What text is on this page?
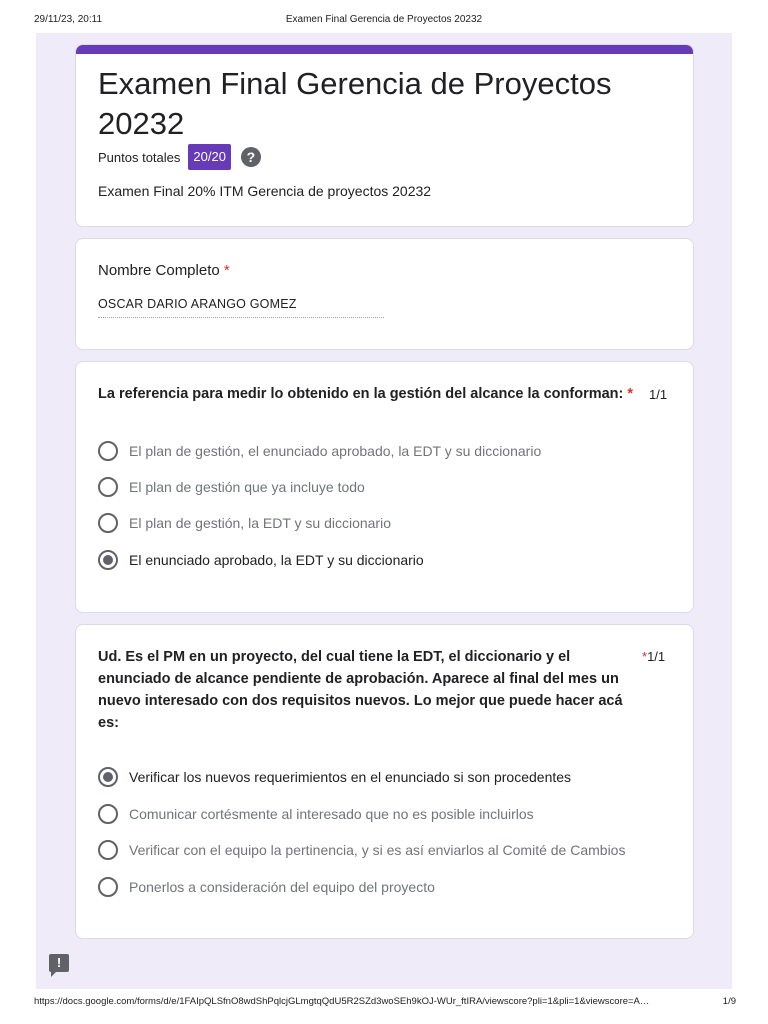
29/11/23, 20:11	Examen Final Gerencia de Proyectos 20232
Examen Final Gerencia de Proyectos 20232
Puntos totales	20/20	?
Examen Final 20% ITM Gerencia de proyectos 20232
Nombre Completo *
OSCAR DARIO ARANGO GOMEZ
La referencia para medir lo obtenido en la gestión del alcance la conforman: *	1/1
El plan de gestión, el enunciado aprobado, la EDT y su diccionario
El plan de gestión que ya incluye todo
El plan de gestión, la EDT y su diccionario
El enunciado aprobado, la EDT y su diccionario
Ud. Es el PM en un proyecto, del cual tiene la EDT, el diccionario y el enunciado de alcance pendiente de aprobación. Aparece al final del mes un nuevo interesado con dos requisitos nuevos. Lo mejor que puede hacer acá es:
*1/1
Verificar los nuevos requerimientos en el enunciado si son procedentes
Comunicar cortésmente al interesado que no es posible incluirlos
Verificar con el equipo la pertinencia, y si es así enviarlos al Comité de Cambios
Ponerlos a consideración del equipo del proyecto
!
https://docs.google.com/forms/d/e/1FAIpQLSfnO8wdShPqlcjGLmgtqQdU5R2SZd3woSEh9kOJ-WUr_ftIRA/viewscore?pli=1&pli=1&viewscore=A…	1/9
